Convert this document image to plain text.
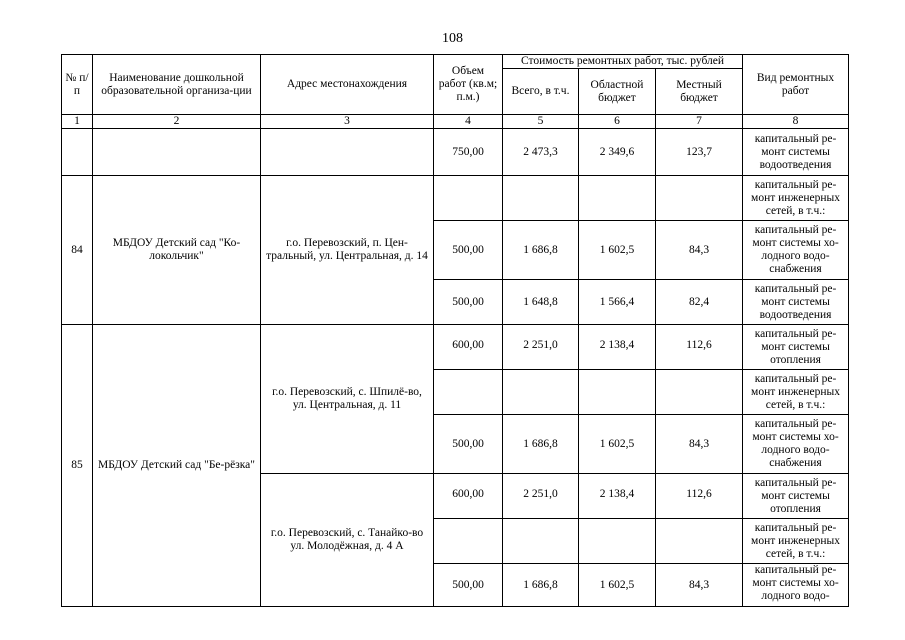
108
№ п/п	Наименование дошкольной образовательной организа-ции	Адрес местонахождения	Объем работ (кв.м; п.м.)	Стоимость ремонтных работ, тыс. рублей			Вид ремонтных работ
				Всего, в т.ч.	Областной бюджет	Местный бюджет	
1	2	3	4	5	6	7	8
			750,00	2 473,3	2 349,6	123,7	капитальный ре-монт системы водоотведения
84	МБДОУ Детский сад "Ко-локольчик"	г.о. Перевозский, п. Цен-тральный, ул. Центральная, д. 14					капитальный ре-монт инженерных сетей, в т.ч.:
			500,00	1 686,8	1 602,5	84,3	капитальный ре-монт системы хо-лодного водо-снабжения
			500,00	1 648,8	1 566,4	82,4	капитальный ре-монт системы водоотведения
85	МБДОУ Детский сад "Бе-рёзка"	г.о. Перевозский, с. Шпилё-во, ул. Центральная, д. 11	600,00	2 251,0	2 138,4	112,6	капитальный ре-монт системы отопления
							капитальный ре-монт инженерных сетей, в т.ч.:
			500,00	1 686,8	1 602,5	84,3	капитальный ре-монт системы хо-лодного водо-снабжения
		г.о. Перевозский, с. Танайко-во ул. Молодёжная, д. 4 А	600,00	2 251,0	2 138,4	112,6	капитальный ре-монт системы отопления
							капитальный ре-монт инженерных сетей, в т.ч.:
			500,00	1 686,8	1 602,5	84,3	капитальный ре-монт системы хо-лодного водо-
